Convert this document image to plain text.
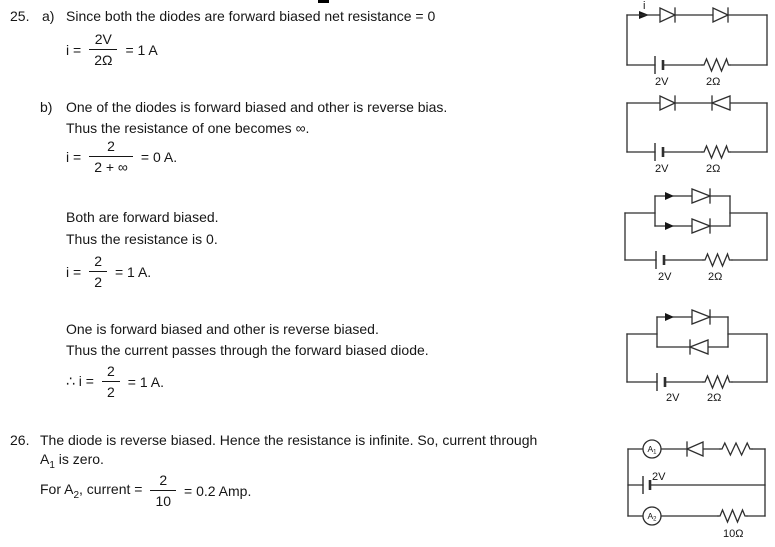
25. a) Since both the diodes are forward biased net resistance = 0
$i = \frac{2V}{2\Omega} = 1$ A
b) One of the diodes is forward biased and other is reverse bias.
Thus the resistance of one becomes ∞.
$i = \frac{2}{2 + \infty} = 0$ A.
Both are forward biased.
Thus the resistance is 0.
$i = \frac{2}{2} = 1$ A.
One is forward biased and other is reverse biased.
Thus the current passes through the forward biased diode.
∴ $i = \frac{2}{2} = 1$ A.
26. The diode is reverse biased. Hence the resistance is infinite. So, current through
$A_1$ is zero.
For $A_2$, current = $\frac{2}{10} = 0.2$ Amp.
i
2V	2Ω
2V	2Ω
2V	2Ω
2V	2Ω
A1
2V
A2
10Ω
